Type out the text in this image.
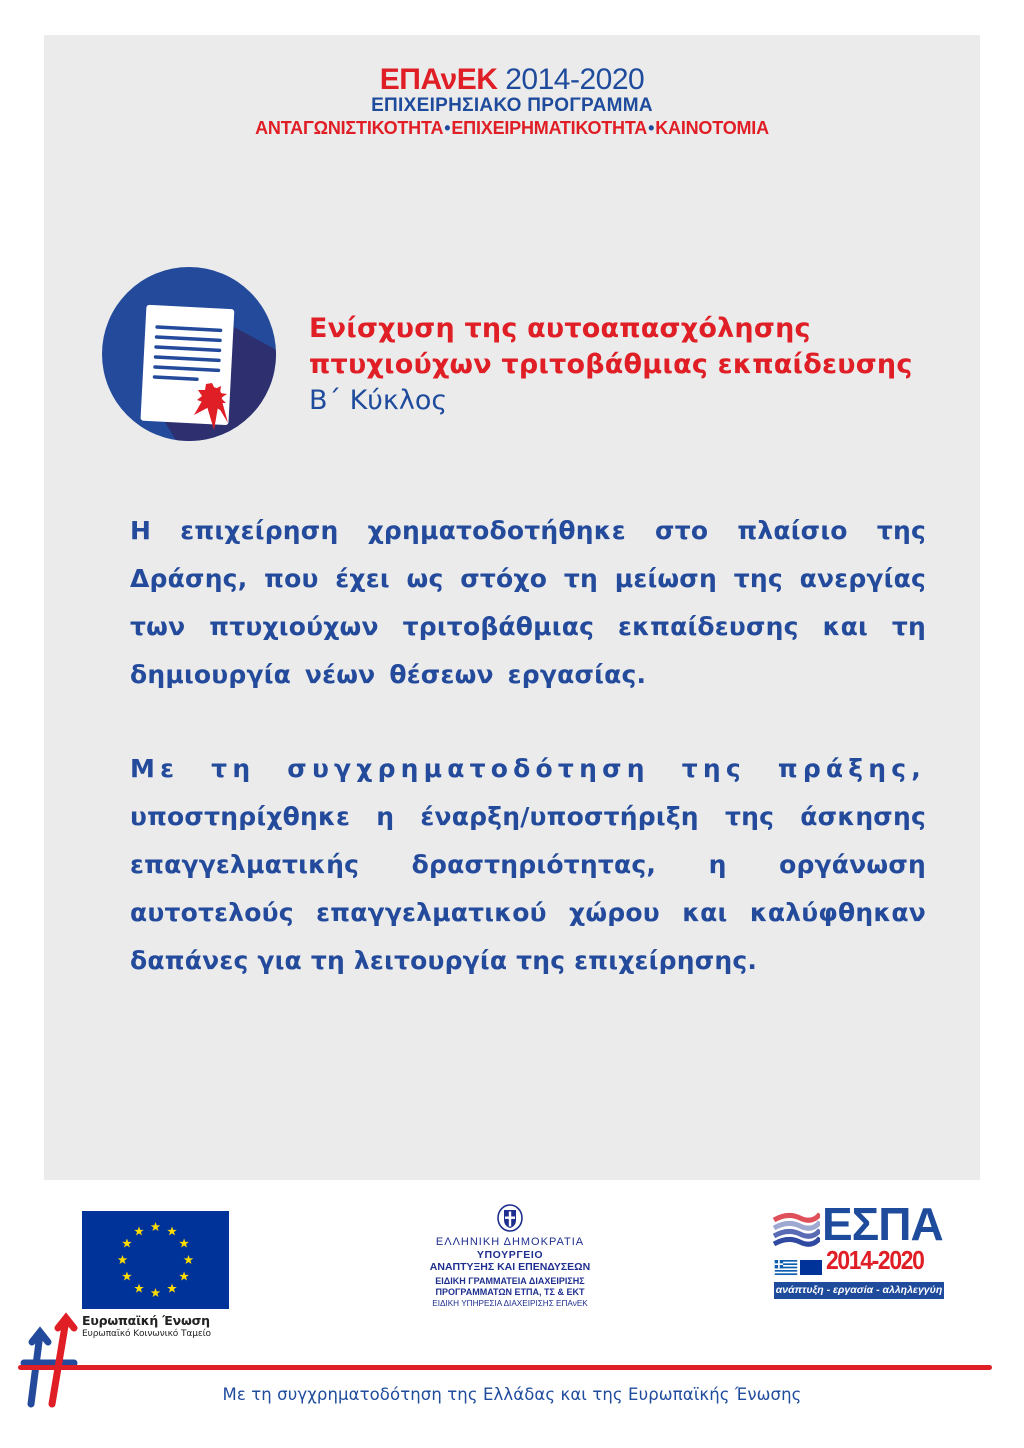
ΕΠΑνΕΚ 2014-2020
ΕΠΙΧΕΙΡΗΣΙΑΚΟ ΠΡΟΓΡΑΜΜΑ
ΑΝΤΑΓΩΝΙΣΤΙΚΟΤΗΤΑ•ΕΠΙΧΕΙΡΗΜΑΤΙΚΟΤΗΤΑ•ΚΑΙΝΟΤΟΜΙΑ
Ενίσχυση της αυτοαπασχόλησης
πτυχιούχων τριτοβάθμιας εκπαίδευσης
Β΄ Κύκλος

Η επιχείρηση χρηματοδοτήθηκε στο πλαίσιο της Δράσης, που έχει ως στόχο τη μείωση της ανεργίας των πτυχιούχων τριτοβάθμιας εκπαίδευσης και τη δημιουργία νέων θέσεων εργασίας.

Με τη συγχρηματοδότηση της πράξης, υποστηρίχθηκε η έναρξη/υποστήριξη της άσκησης επαγγελματικής δραστηριότητας, η οργάνωση αυτοτελούς επαγγελματικού χώρου και καλύφθηκαν δαπάνες για τη λειτουργία της επιχείρησης.

Ευρωπαϊκή Ένωση
Ευρωπαϊκό Κοινωνικό Ταμείο
ΕΛΛΗΝΙΚΗ ΔΗΜΟΚΡΑΤΙΑ
ΥΠΟΥΡΓΕΙΟ
ΑΝΑΠΤΥΞΗΣ ΚΑΙ ΕΠΕΝΔΥΣΕΩΝ
ΕΙΔΙΚΗ ΓΡΑΜΜΑΤΕΙΑ ΔΙΑΧΕΙΡΙΣΗΣ
ΠΡΟΓΡΑΜΜΑΤΩΝ ΕΤΠΑ, ΤΣ & ΕΚΤ
ΕΙΔΙΚΗ ΥΠΗΡΕΣΙΑ ΔΙΑΧΕΙΡΙΣΗΣ ΕΠΑνΕΚ
ΕΣΠΑ
2014-2020
ανάπτυξη - εργασία - αλληλεγγύη
Με τη συγχρηματοδότηση της Ελλάδας και της Ευρωπαϊκής Ένωσης
